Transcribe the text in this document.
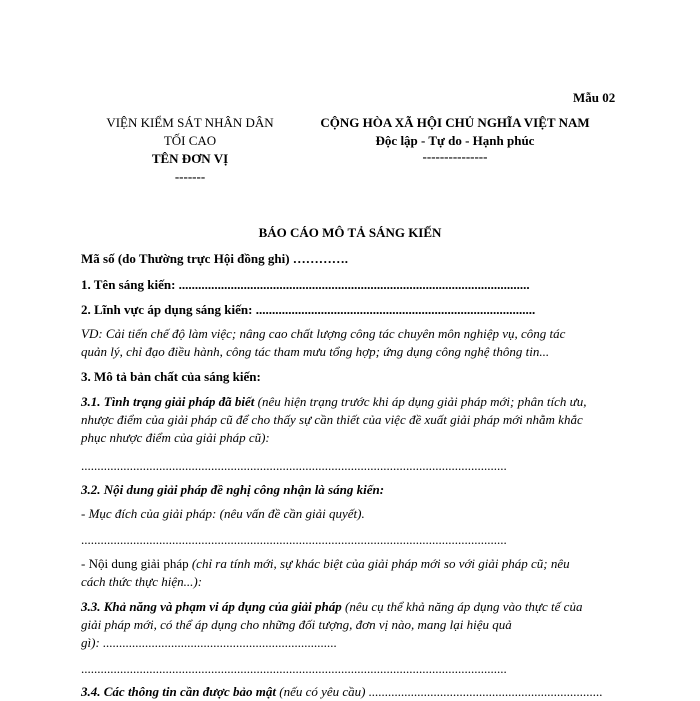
Mẫu 02
VIỆN KIỂM SÁT NHÂN DÂN
TỐI CAO
TÊN ĐƠN VỊ
-------
CỘNG HÒA XÃ HỘI CHỦ NGHĨA VIỆT NAM
Độc lập - Tự do - Hạnh phúc
---------------
BÁO CÁO MÔ TẢ SÁNG KIẾN
Mã số (do Thường trực Hội đồng ghi) ………….
1. Tên sáng kiến: ............................................................................................................
2. Lĩnh vực áp dụng sáng kiến: ......................................................................................
VD: Cải tiến chế độ làm việc; nâng cao chất lượng công tác chuyên môn nghiệp vụ, công tác
quản lý, chỉ đạo điều hành, công tác tham mưu tổng hợp; ứng dụng công nghệ thông tin...
3. Mô tả bản chất của sáng kiến:
3.1. Tình trạng giải pháp đã biết (nêu hiện trạng trước khi áp dụng giải pháp mới; phân tích ưu,
nhược điểm của giải pháp cũ để cho thấy sự cần thiết của việc đề xuất giải pháp mới nhằm khắc
phục nhược điểm của giải pháp cũ):
...................................................................................................................................
3.2. Nội dung giải pháp đề nghị công nhận là sáng kiến:
- Mục đích của giải pháp: (nêu vấn đề cần giải quyết).
...................................................................................................................................
- Nội dung giải pháp (chỉ ra tính mới, sự khác biệt của giải pháp mới so với giải pháp cũ; nêu
cách thức thực hiện...):
3.3. Khả năng và phạm vi áp dụng của giải pháp (nêu cụ thể khả năng áp dụng vào thực tế của
giải pháp mới, có thể áp dụng cho những đối tượng, đơn vị nào, mang lại hiệu quả
gì): ........................................................................
...................................................................................................................................
3.4. Các thông tin cần được bảo mật (nếu có yêu cầu) ........................................................................
